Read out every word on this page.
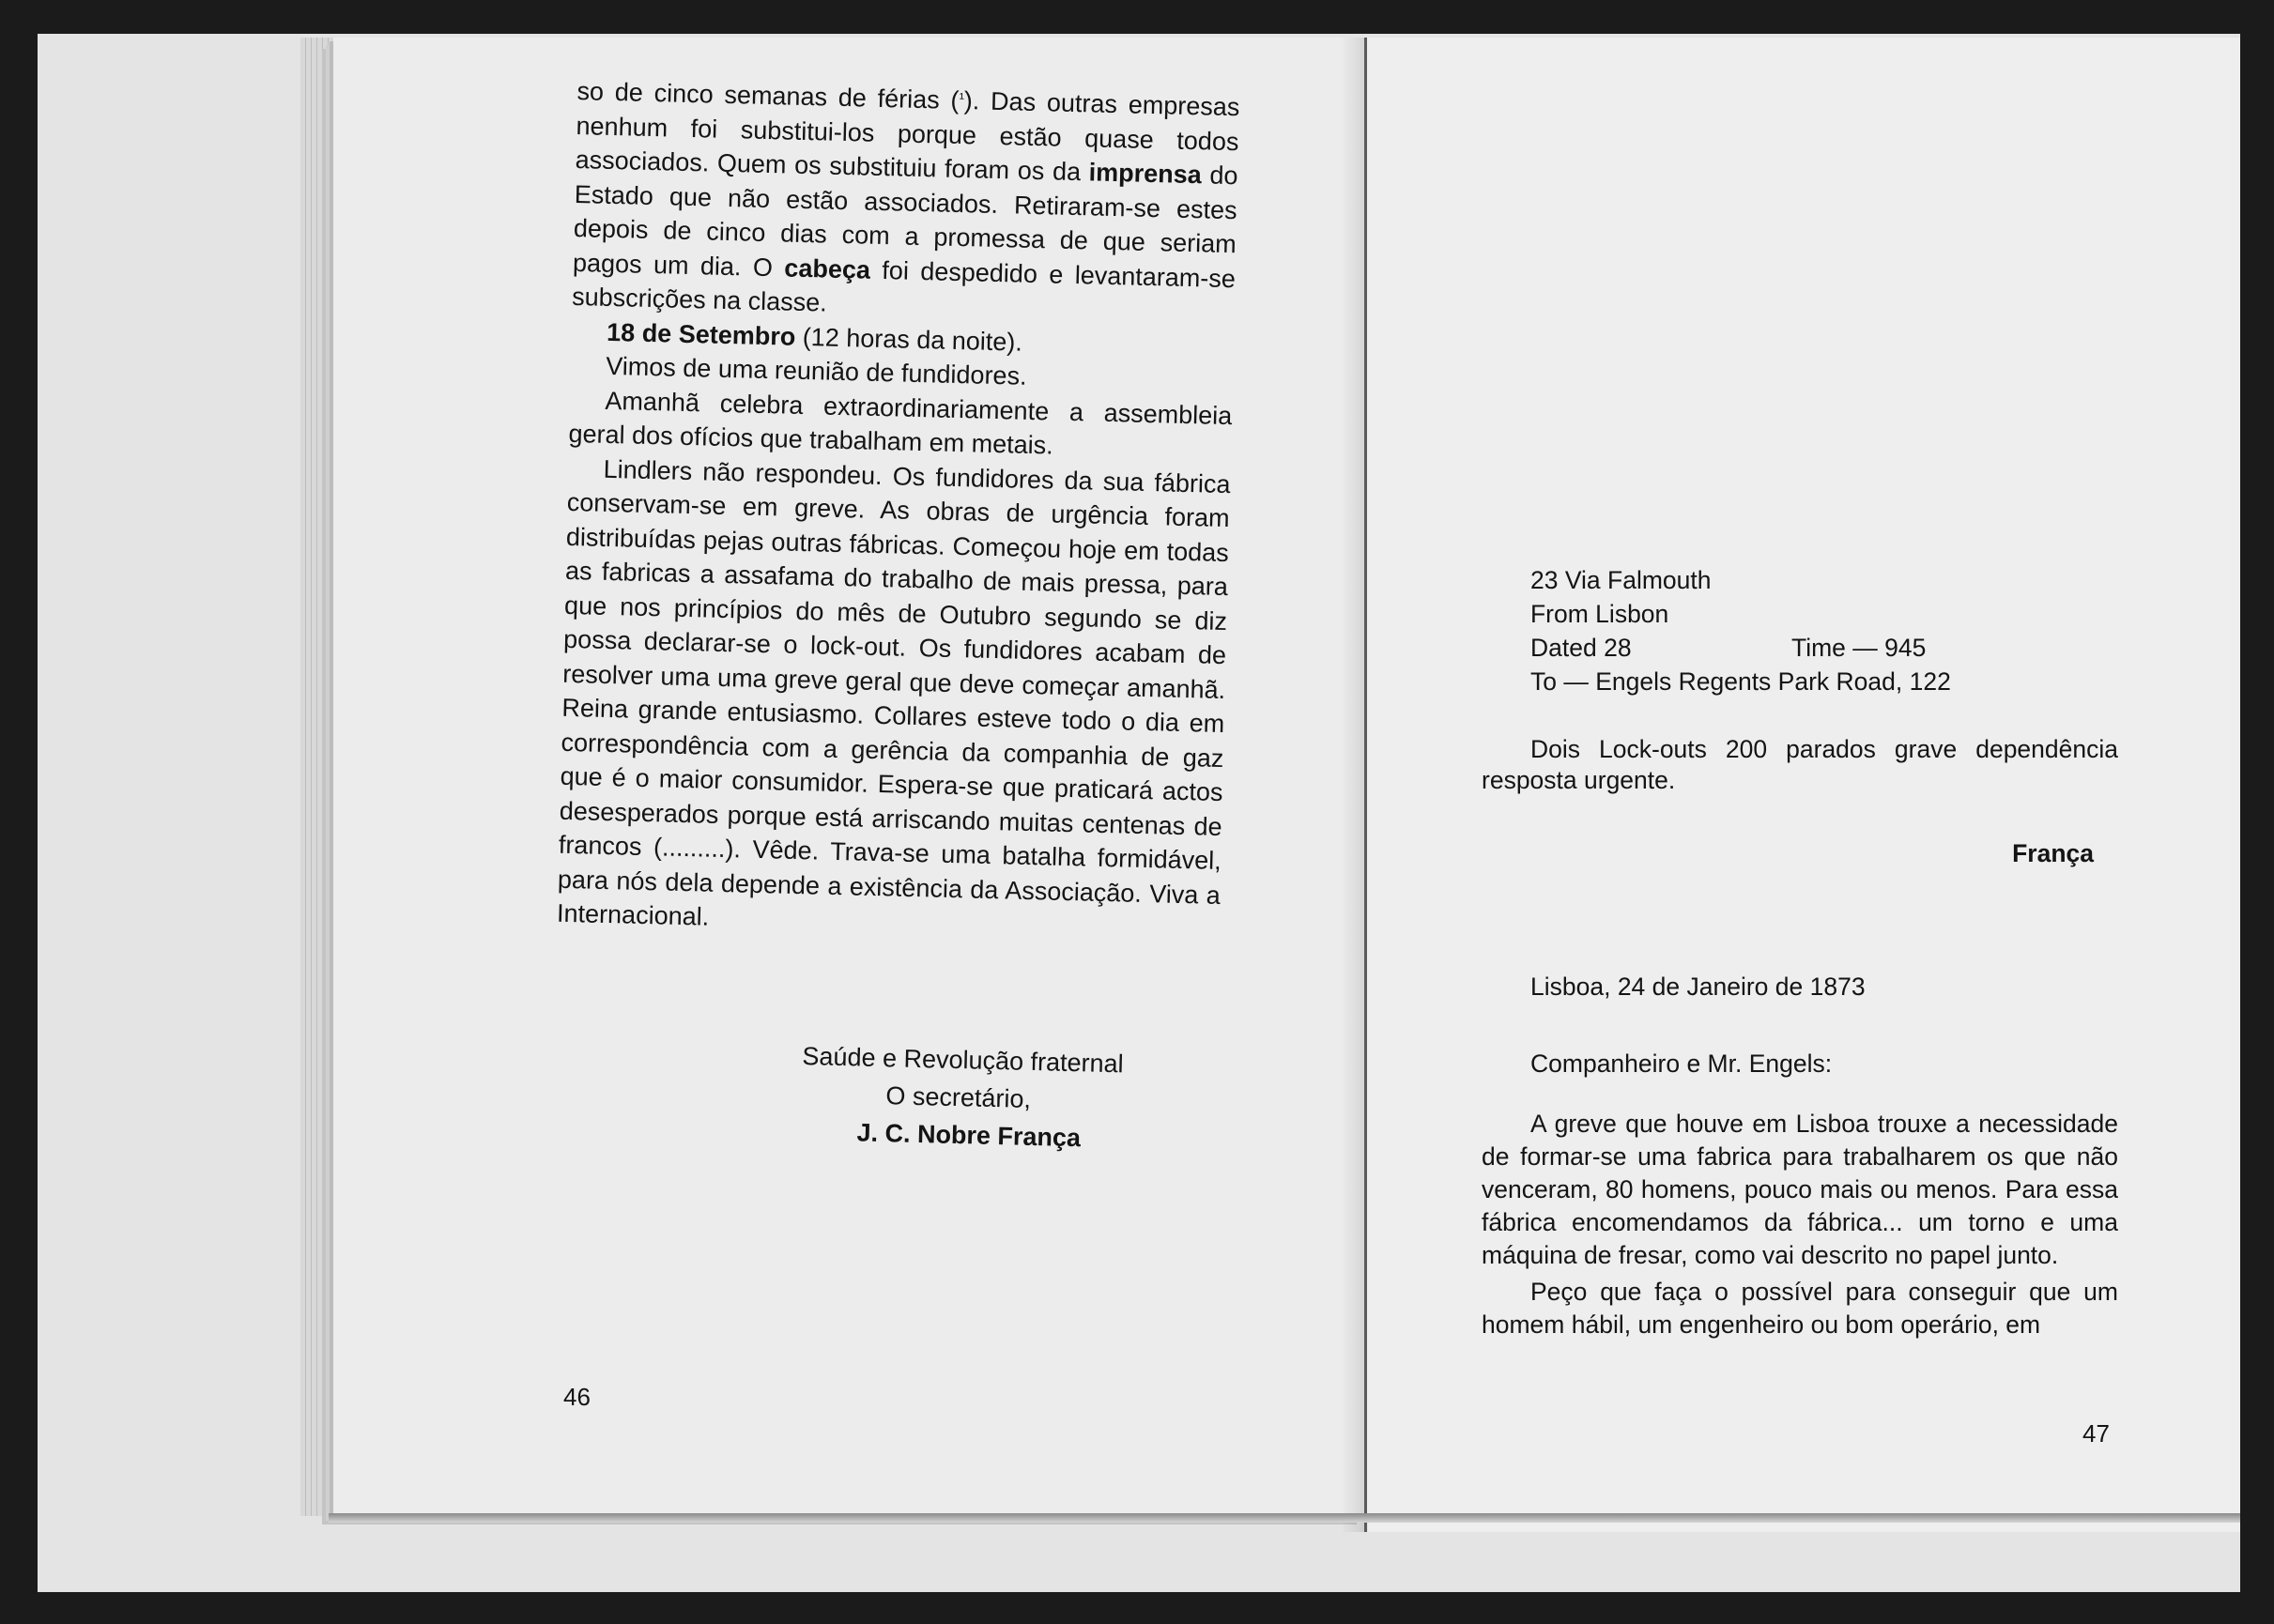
so de cinco semanas de férias ($^{^1}$). Das outras empresas nenhum foi substitui-los porque estão quase todos associados. Quem os substituiu foram os da imprensa do Estado que não estão associados. Retiraram-se estes depois de cinco dias com a promessa de que seriam pagos um dia. O cabeça foi despedido e levantaram-se subscrições na classe.

18 de Setembro (12 horas da noite).

Vimos de uma reunião de fundidores.

Amanhã celebra extraordinariamente a assembleia geral dos ofícios que trabalham em metais.

Lindlers não respondeu. Os fundidores da sua fábrica conservam-se em greve. As obras de urgência foram distribuídas pejas outras fábricas. Começou hoje em todas as fabricas a assafama do trabalho de mais pressa, para que nos princípios do mês de Outubro segundo se diz possa declarar-se o lock-out. Os fundidores acabam de resolver uma uma greve geral que deve começar amanhã. Reina grande entusiasmo. Collares esteve todo o dia em correspondência com a gerência da companhia de gaz que é o maior consumidor. Espera-se que praticará actos desesperados porque está arriscando muitas centenas de francos (.........). Vêde. Trava-se uma batalha formidável, para nós dela depende a existência da Associação. Viva a Internacional.

Saúde e Revolução fraternal
O secretário,
J. C. Nobre França
46
23 Via Falmouth
From Lisbon
Dated 28	Time — 945
To — Engels Regents Park Road, 122

Dois Lock-outs 200 parados grave dependência resposta urgente.

França
Lisboa, 24 de Janeiro de 1873
Companheiro e Mr. Engels:

A greve que houve em Lisboa trouxe a necessidade de formar-se uma fabrica para trabalharem os que não venceram, 80 homens, pouco mais ou menos. Para essa fábrica encomendamos da fábrica... um torno e uma máquina de fresar, como vai descrito no papel junto.

Peço que faça o possível para conseguir que um homem hábil, um engenheiro ou bom operário, em

47
